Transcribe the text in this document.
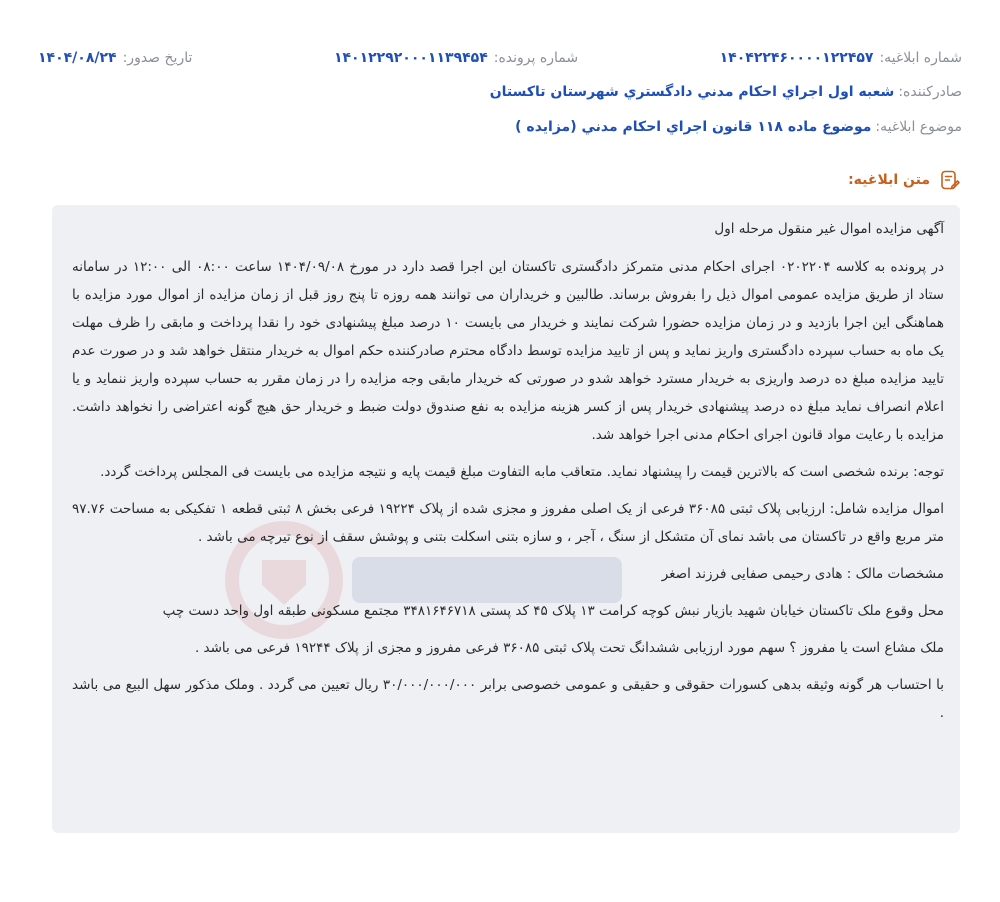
شماره ابلاغیه:
۱۴۰۴۲۲۴۶۰۰۰۰۱۲۲۴۵۷
شماره پرونده:
۱۴۰۱۲۲۹۲۰۰۰۱۱۳۹۴۵۴
تاریخ صدور:
۱۴۰۴/۰۸/۲۴
صادرکننده:
شعبه اول اجراي احكام مدني دادگستري شهرستان تاكستان
موضوع ابلاغیه:
موضوع ماده ۱۱۸ قانون اجراي احكام مدني (مزايده )
متن ابلاغیه:

آگهی مزایده اموال غیر منقول مرحله اول

در پرونده به کلاسه ۰۲۰۲۲۰۴ اجرای احکام مدنی متمرکز دادگستری تاکستان این اجرا قصد دارد در مورخ ۱۴۰۴/۰۹/۰۸ ساعت ۰۸:۰۰ الی ۱۲:۰۰ در سامانه ستاد از طریق مزایده عمومی اموال ذیل را بفروش برساند. طالبین و خریداران می توانند همه روزه تا پنج روز قبل از زمان مزایده از اموال مورد مزایده با هماهنگی این اجرا بازدید و در زمان مزایده حضورا شرکت نمایند و خریدار می بایست ۱۰ درصد مبلغ پیشنهادی خود را نقدا پرداخت و مابقی را ظرف مهلت یک ماه به حساب سپرده دادگستری واریز نماید و پس از تایید مزایده توسط دادگاه محترم صادرکننده حکم اموال به خریدار منتقل خواهد شد و در صورت عدم تایید مزایده مبلغ ده درصد واریزی به خریدار مسترد خواهد شدو در صورتی که خریدار مابقی وجه مزایده را در زمان مقرر به حساب سپرده واریز ننماید و یا اعلام انصراف نماید مبلغ ده درصد پیشنهادی خریدار پس از کسر هزینه مزایده به نفع صندوق دولت ضبط و خریدار حق هیچ گونه اعتراضی را نخواهد داشت. مزایده با رعایت مواد قانون اجرای احکام مدنی اجرا خواهد شد.

توجه: برنده شخصی است که بالاترین قیمت را پیشنهاد نماید. متعاقب مابه التفاوت مبلغ قیمت پایه و نتیجه مزایده می بایست فی المجلس پرداخت گردد.

اموال مزایده شامل: ارزیابی پلاک ثبتی ۳۶۰۸۵ فرعی از یک اصلی مفروز و مجزی شده از پلاک ۱۹۲۲۴ فرعی بخش ۸ ثبتی قطعه ۱ تفکیکی به مساحت ۹۷.۷۶ متر مربع واقع در تاکستان می باشد نمای آن متشکل از سنگ ، آجر ، و سازه بتنی اسکلت بتنی و پوشش سقف از نوع تیرچه می باشد .

مشخصات مالک : هادی رحیمی صفایی فرزند اصغر

محل وقوع ملک تاکستان خیابان شهید بازیار نبش کوچه کرامت ۱۳ پلاک ۴۵ کد پستی ۳۴۸۱۶۴۶۷۱۸ مجتمع مسکونی طبقه اول واحد دست چپ

ملک مشاع است یا مفروز ؟ سهم مورد ارزیابی ششدانگ تحت پلاک ثبتی ۳۶۰۸۵ فرعی مفروز و مجزی از پلاک ۱۹۲۴۴ فرعی می باشد .

با احتساب هر گونه وثیقه بدهی کسورات حقوقی و حقیقی و عمومی خصوصی برابر ۳۰/۰۰۰/۰۰۰/۰۰۰ ریال تعیین می گردد . وملک مذکور سهل البیع می باشد .
